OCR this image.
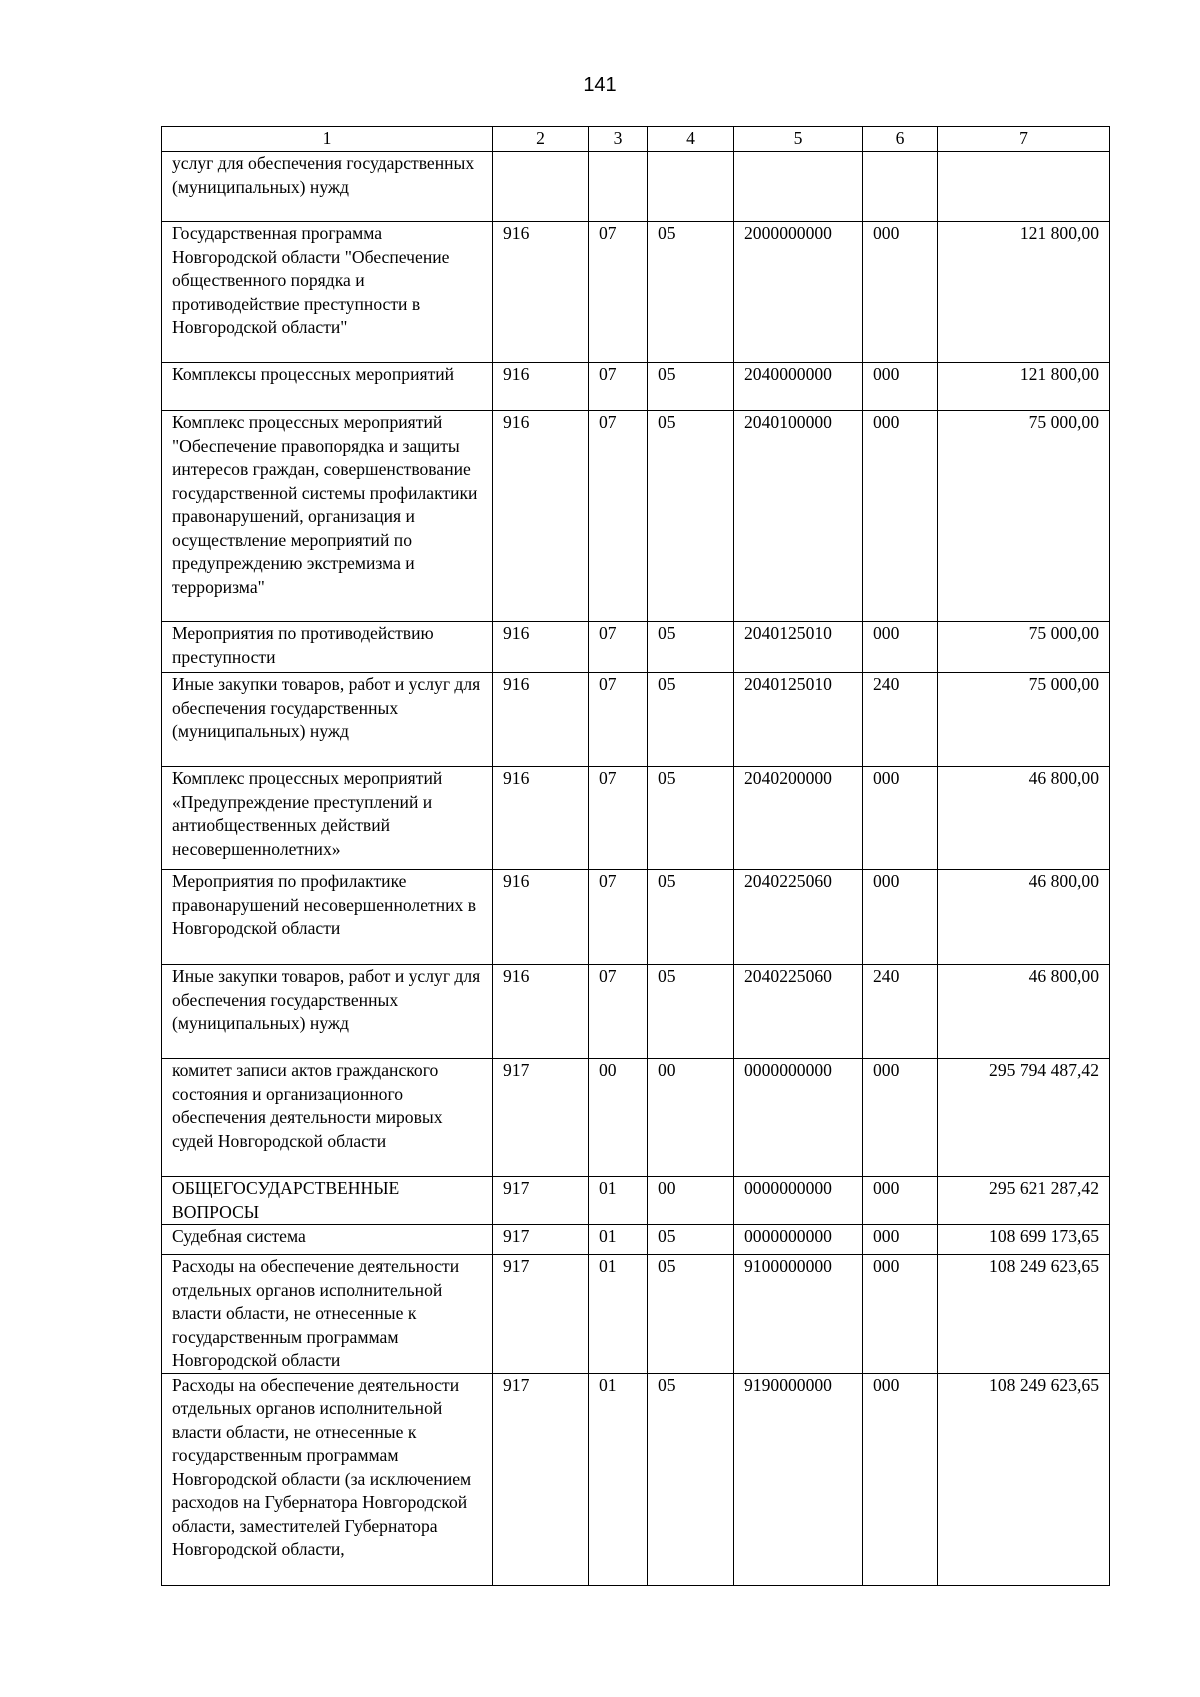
141
1	2	3	4	5	6	7
услуг для обеспечения государственных (муниципальных) нужд						
Государственная программа Новгородской области "Обеспечение общественного порядка и противодействие преступности в Новгородской области"	916	07	05	2000000000	000	121 800,00
Комплексы процессных мероприятий	916	07	05	2040000000	000	121 800,00
Комплекс процессных мероприятий "Обеспечение правопорядка и защиты интересов граждан, совершенствование государственной системы профилактики правонарушений, организация и осуществление мероприятий по предупреждению экстремизма и терроризма"	916	07	05	2040100000	000	75 000,00
Мероприятия по противодействию преступности	916	07	05	2040125010	000	75 000,00
Иные закупки товаров, работ и услуг для обеспечения государственных (муниципальных) нужд	916	07	05	2040125010	240	75 000,00
Комплекс процессных мероприятий «Предупреждение преступлений и антиобщественных действий несовершеннолетних»	916	07	05	2040200000	000	46 800,00
Мероприятия по профилактике правонарушений несовершеннолетних в Новгородской области	916	07	05	2040225060	000	46 800,00
Иные закупки товаров, работ и услуг для обеспечения государственных (муниципальных) нужд	916	07	05	2040225060	240	46 800,00
комитет записи актов гражданского состояния и организационного обеспечения деятельности мировых судей Новгородской области	917	00	00	0000000000	000	295 794 487,42
ОБЩЕГОСУДАРСТВЕННЫЕ ВОПРОСЫ	917	01	00	0000000000	000	295 621 287,42
Судебная система	917	01	05	0000000000	000	108 699 173,65
Расходы на обеспечение деятельности отдельных органов исполнительной власти области, не отнесенные к государственным программам Новгородской области	917	01	05	9100000000	000	108 249 623,65
Расходы на обеспечение деятельности отдельных органов исполнительной власти области, не отнесенные к государственным программам Новгородской области (за исключением расходов на Губернатора Новгородской области, заместителей Губернатора Новгородской области,	917	01	05	9190000000	000	108 249 623,65
